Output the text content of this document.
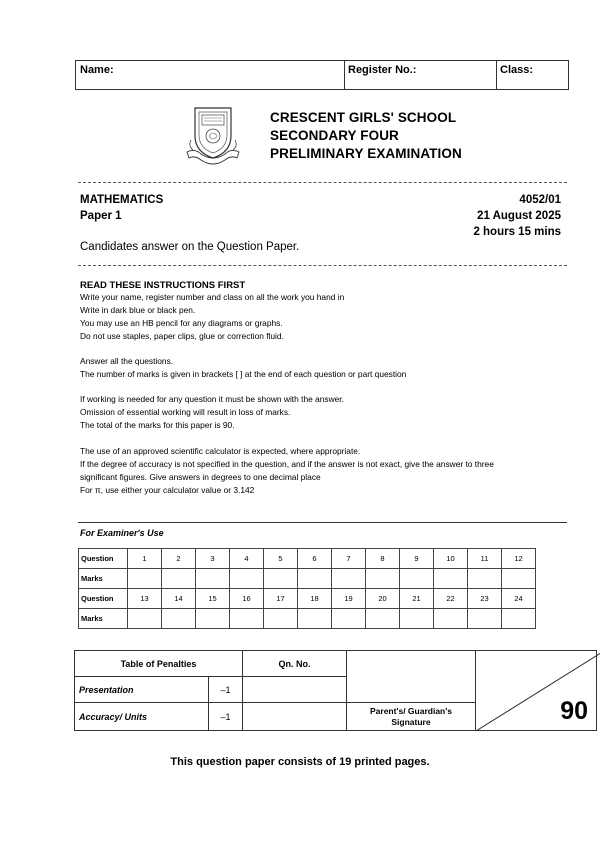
Name:	Register No.:	Class:
CRESCENT GIRLS' SCHOOL
SECONDARY FOUR
PRELIMINARY EXAMINATION
MATHEMATICS
Paper 1
4052/01
21 August 2025
2 hours 15 mins
Candidates answer on the Question Paper.
READ THESE INSTRUCTIONS FIRST
Write your name, register number and class on all the work you hand in
Write in dark blue or black pen.
You may use an HB pencil for any diagrams or graphs.
Do not use staples, paper clips, glue or correction fluid.
Answer all the questions.
The number of marks is given in brackets [ ] at the end of each question or part question
If working is needed for any question it must be shown with the answer.
Omission of essential working will result in loss of marks.
The total of the marks for this paper is 90.
The use of an approved scientific calculator is expected, where appropriate.
If the degree of accuracy is not specified in the question, and if the answer is not exact, give the answer to three
significant figures. Give answers in degrees to one decimal place
For π, use either your calculator value or 3.142
For Examiner's Use
Question	1	2	3	4	5	6	7	8	9	10	11	12
Marks												
Question	13	14	15	16	17	18	19	20	21	22	23	24
Marks												
Table of Penalties		Qn. No.		90

Presentation	–1			
Accuracy/ Units	–1		Parent's/ Guardian's Signature	
This question paper consists of 19 printed pages.
